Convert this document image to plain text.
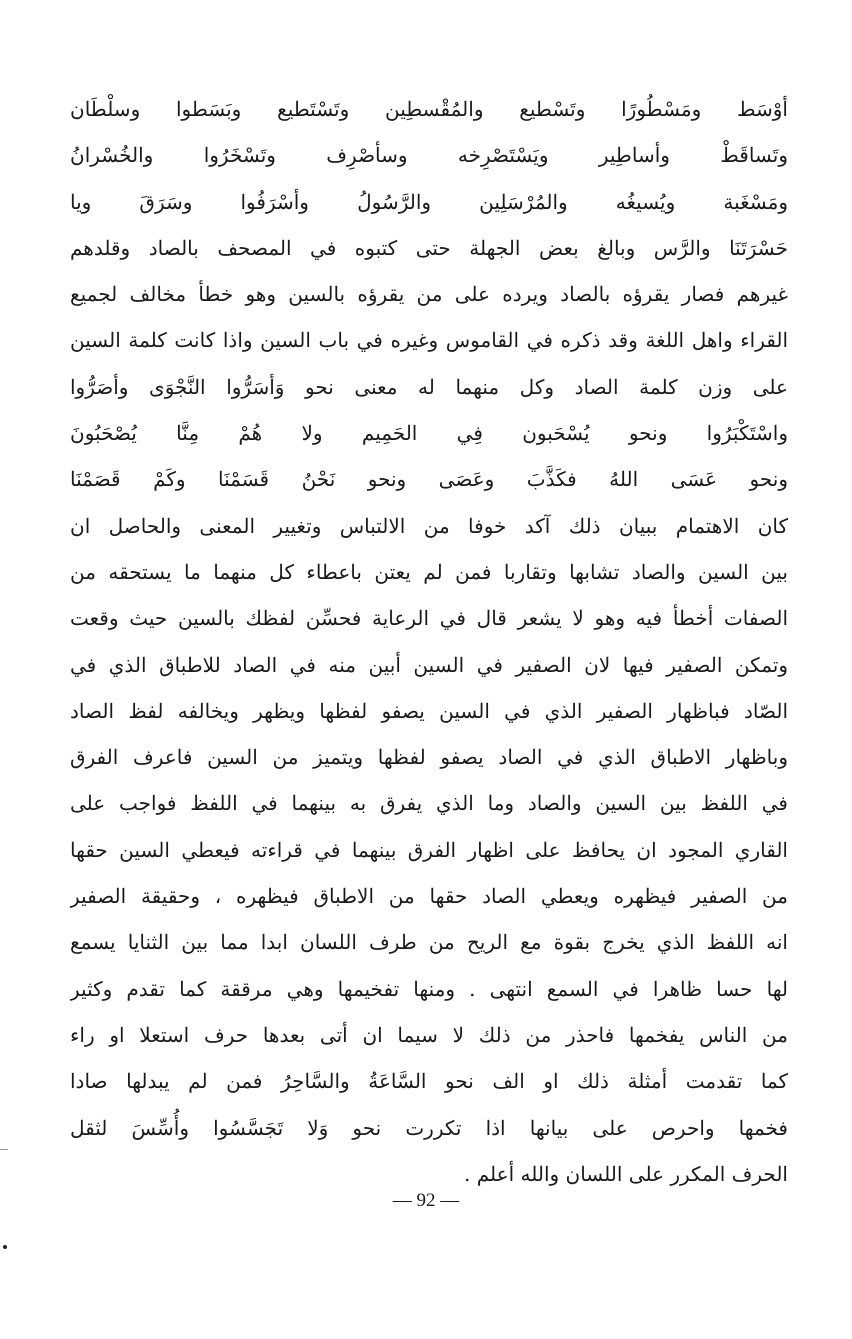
أوْسَط ومَسْطُورًا وتَسْطيع والمُقْسطِين وتَسْتَطيع وبَسَطوا وسلْطَان
وتَساقَطْ وأساطِير ويَسْتَصْرِخه وسأصْرِف وتَسْخَرُوا والخُسْرانُ
ومَسْغَبة ويُسيغُه والمُرْسَلِين والرَّسُولُ وأسْرَفُوا وسَرَقَ ويا
حَسْرَتَنَا والرَّس وبالغ بعض الجهلة حتى كتبوه في المصحف بالصاد وقلدهم
غيرهم فصار يقرؤه بالصاد ويرده على من يقرؤه بالسين وهو خطأ مخالف لجميع
القراء واهل اللغة وقد ذكره في القاموس وغيره في باب السين واذا كانت كلمة السين
على وزن كلمة الصاد وكل منهما له معنى نحو وَأسَرُّوا النَّجْوَى وأصَرُّوا
واسْتَكْبَرُوا ونحو يُسْحَبون فِي الحَمِيم ولا هُمْ مِنَّا يُصْحَبُونَ
ونحو عَسَى اللهُ فكَذَّبَ وعَصَى ونحو نَحْنُ قَسَمْنَا وكَمْ قَصَمْنَا
كان الاهتمام ببيان ذلك آكد خوفا من الالتباس وتغيير المعنى والحاصل ان
بين السين والصاد تشابها وتقاربا فمن لم يعتن باعطاء كل منهما ما يستحقه من
الصفات أخطأ فيه وهو لا يشعر قال في الرعاية فحسِّن لفظك بالسين حيث وقعت
وتمكن الصفير فيها لان الصفير في السين أبين منه في الصاد للاطباق الذي في
الصّاد فباظهار الصفير الذي في السين يصفو لفظها ويظهر ويخالفه لفظ الصاد
وباظهار الاطباق الذي في الصاد يصفو لفظها ويتميز من السين فاعرف الفرق
في اللفظ بين السين والصاد وما الذي يفرق به بينهما في اللفظ فواجب على
القاري المجود ان يحافظ على اظهار الفرق بينهما في قراءته فيعطي السين حقها
من الصفير فيظهره ويعطي الصاد حقها من الاطباق فيظهره ، وحقيقة الصفير
انه اللفظ الذي يخرج بقوة مع الريح من طرف اللسان ابدا مما بين الثنايا يسمع
لها حسا ظاهرا في السمع انتهى . ومنها تفخيمها وهي مرققة كما تقدم وكثير
من الناس يفخمها فاحذر من ذلك لا سيما ان أتى بعدها حرف استعلا او راء
كما تقدمت أمثلة ذلك او الف نحو السَّاعَةُ والسَّاحِرُ فمن لم يبدلها صادا
فخمها واحرص على بيانها اذا تكررت نحو وَلا تَجَسَّسُوا وأُسِّسَ لثقل
الحرف المكرر على اللسان والله أعلم .
— 92 —
